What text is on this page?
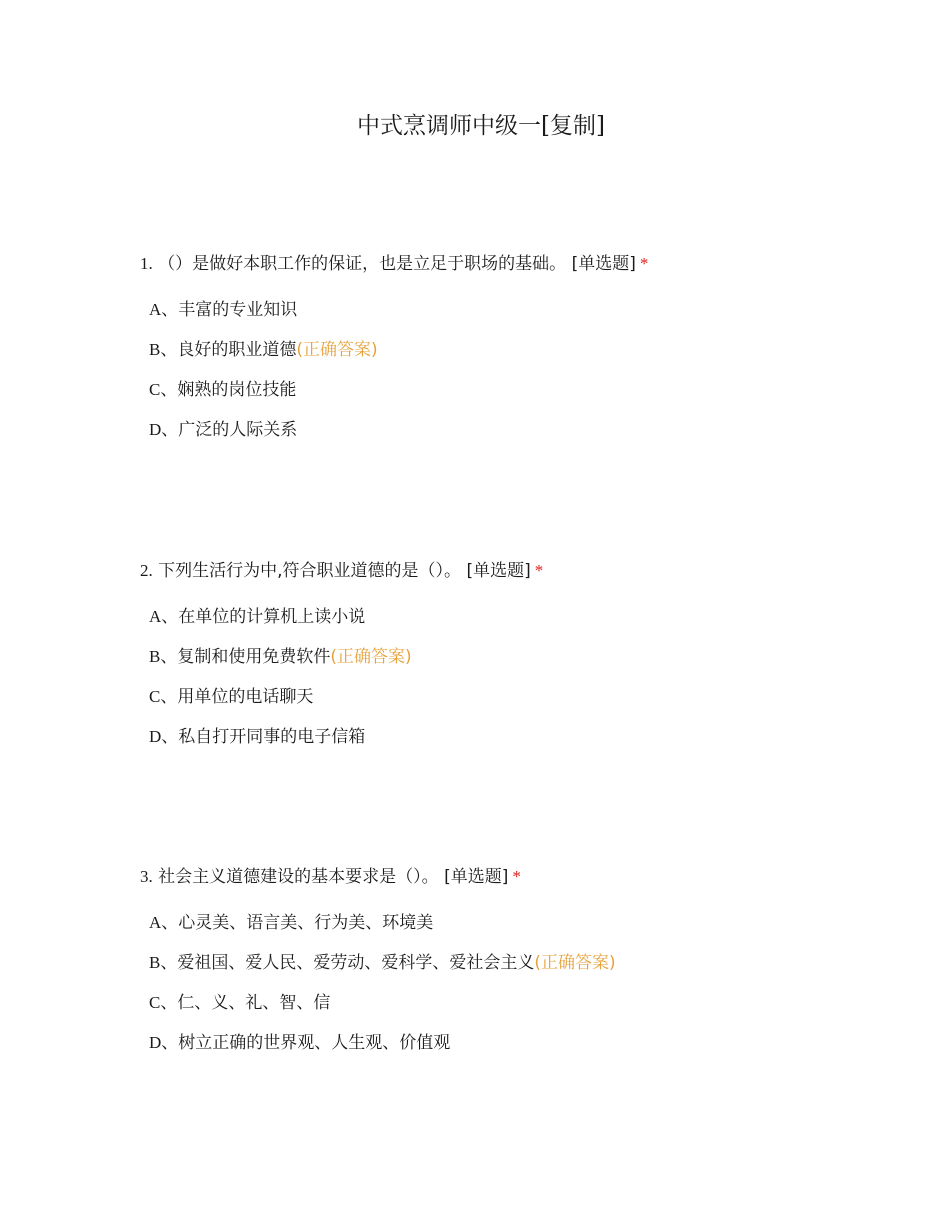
中式烹调师中级一[复制]
1. （）是做好本职工作的保证，也是立足于职场的基础。 [单选题] *
A、丰富的专业知识
B、良好的职业道德(正确答案)
C、娴熟的岗位技能
D、广泛的人际关系
2. 下列生活行为中,符合职业道德的是（）。 [单选题] *
A、在单位的计算机上读小说
B、复制和使用免费软件(正确答案)
C、用单位的电话聊天
D、私自打开同事的电子信箱
3. 社会主义道德建设的基本要求是（）。 [单选题] *
A、心灵美、语言美、行为美、环境美
B、爱祖国、爱人民、爱劳动、爱科学、爱社会主义(正确答案)
C、仁、义、礼、智、信
D、树立正确的世界观、人生观、价值观
